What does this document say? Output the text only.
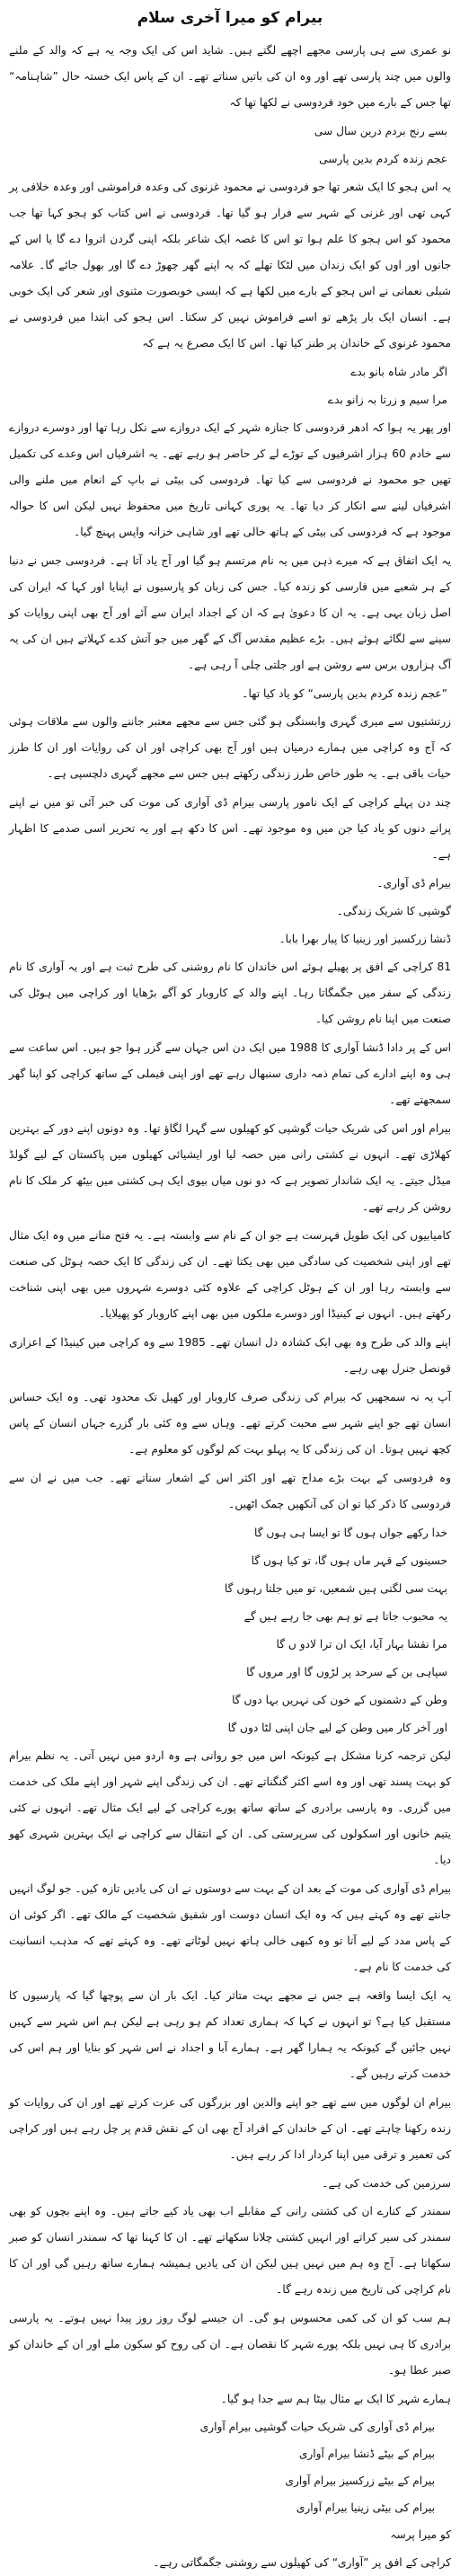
بیرام کو میرا آخری سلام
نو عمری سے ہی پارسی مجھے اچھے لگتے ہیں۔ شاید اس کی ایک وجہ یہ ہے کہ والد کے ملنے والوں میں چند پارسی تھے اور وہ ان کی باتیں سناتے تھے۔ ان کے پاس ایک خستہ حال ”شاہنامہ“ تھا جس کے بارے میں خود فردوسی نے لکھا تھا کہ
بسے رنج بردم درین سال سی
عجم زندہ کردم بدین پارسی
یہ اس ہجو کا ایک شعر تھا جو فردوسی نے محمود غزنوی کی وعدہ فراموشی اور وعدہ خلافی پر کہی تھی اور غزنی کے شہر سے فرار ہو گیا تھا۔ فردوسی نے اس کتاب کو ہجو کہا تھا جب محمود کو اس ہجو کا علم ہوا تو اس کا غصہ ایک شاعر بلکہ اپنی گردن اتروا دے گا یا اس کے جانوں اور اوں کو ایک زندان میں لٹکا تھلے کہ یہ اپنے گھر چھوڑ دے گا اور بھول جائے گا۔ علامہ شبلی نعمانی نے اس ہجو کے بارے میں لکھا ہے کہ ایسی خوبصورت مثنوی اور شعر کی ایک خوبی ہے۔ انسان ایک بار پڑھے تو اسے فراموش نہیں کر سکتا۔ اس ہجو کی ابتدا میں فردوسی نے محمود غزنوی کے خاندان پر طنز کیا تھا۔ اس کا ایک مصرع یہ ہے کہ
اگر مادر شاہ بانو بدے
مرا سیم و زرتا بہ زانو بدے
اور پھر یہ ہوا کہ ادھر فردوسی کا جنازہ شہر کے ایک دروازے سے نکل رہا تھا اور دوسرے دروازے سے خادم 60 ہزار اشرفیوں کے توڑے لے کر حاضر ہو رہے تھے۔ یہ اشرفیاں اس وعدے کی تکمیل تھیں جو محمود نے فردوسی سے کیا تھا۔ فردوسی کی بیٹی نے باپ کے انعام میں ملنے والی اشرفیاں لینے سے انکار کر دیا تھا۔ یہ پوری کہانی تاریخ میں محفوظ نہیں لیکن اس کا حوالہ موجود ہے کہ فردوسی کی بیٹی کے ہاتھ خالی تھے اور شاہی خزانہ واپس پہنچ گیا۔
یہ ایک اتفاق ہے کہ میرے ذہن میں یہ نام مرتسم ہو گیا اور آج یاد آتا ہے۔ فردوسی جس نے دنیا کے ہر شعبے میں فارسی کو زندہ کیا۔ جس کی زبان کو پارسیوں نے اپنایا اور کہا کہ ایران کی اصل زبان یہی ہے۔ یہ ان کا دعویٰ ہے کہ ان کے اجداد ایران سے آئے اور آج بھی اپنی روایات کو سینے سے لگائے ہوئے ہیں۔ بڑے عظیم مقدس آگ کے گھر میں جو آتش کدے کہلاتے ہیں ان کی یہ آگ ہزاروں برس سے روشن ہے اور جلتی چلی آ رہی ہے۔
”عجم زندہ کردم بدین پارسی“ کو یاد کیا تھا۔
زرتشتیوں سے میری گہری وابستگی ہو گئی جس سے مجھے معتبر جاننے والوں سے ملاقات ہوئی کہ آج وہ کراچی میں ہمارے درمیان ہیں اور آج بھی کراچی اور ان کی روایات اور ان کا طرز حیات باقی ہے۔ یہ طور خاص طرز زندگی رکھتے ہیں جس سے مجھے گہری دلچسپی ہے۔
چند دن پہلے کراچی کے ایک نامور پارسی بیرام ڈی آواری کی موت کی خبر آئی تو میں نے اپنے پرانے دنوں کو یاد کیا جن میں وہ موجود تھے۔ اس کا دکھ ہے اور یہ تحریر اسی صدمے کا اظہار ہے۔
بیرام ڈی آواری۔
گوشپی کا شریک زندگی۔
ڈنشا زرکسیز اور زینیا کا پیار بھرا بابا۔
81 کراچی کے افق پر پھیلے ہوئے اس خاندان کا نام روشنی کی طرح ثبت ہے اور یہ آواری کا نام زندگی کے سفر میں جگمگاتا رہا۔ اپنے والد کے کاروبار کو آگے بڑھایا اور کراچی میں ہوٹل کی صنعت میں اپنا نام روشن کیا۔
اس کے پر دادا ڈنشا آواری کا 1988 میں ایک دن اس جہان سے گزر ہوا جو ہیں۔ اس ساعت سے ہی وہ اپنے ادارے کی تمام ذمہ داری سنبھال رہے تھے اور اپنی فیملی کے ساتھ کراچی کو اپنا گھر سمجھتے تھے۔
بیرام اور اس کی شریک حیات گوشپی کو کھیلوں سے گہرا لگاؤ تھا۔ وہ دونوں اپنے دور کے بہترین کھلاڑی تھے۔ انہوں نے کشتی رانی میں حصہ لیا اور ایشیائی کھیلوں میں پاکستان کے لیے گولڈ میڈل جیتے۔ یہ ایک شاندار تصویر ہے کہ دو نوں میاں بیوی ایک ہی کشتی میں بیٹھ کر ملک کا نام روشن کر رہے تھے۔
کامیابیوں کی ایک طویل فہرست ہے جو ان کے نام سے وابستہ ہے۔ یہ فتح منانے میں وہ ایک مثال تھے اور اپنی شخصیت کی سادگی میں بھی یکتا تھے۔ ان کی زندگی کا ایک حصہ ہوٹل کی صنعت سے وابستہ رہا اور ان کے ہوٹل کراچی کے علاوہ کئی دوسرے شہروں میں بھی اپنی شناخت رکھتے ہیں۔ انہوں نے کینیڈا اور دوسرے ملکوں میں بھی اپنے کاروبار کو پھیلایا۔
اپنے والد کی طرح وہ بھی ایک کشادہ دل انسان تھے۔ 1985 سے وہ کراچی میں کینیڈا کے اعزازی قونصل جنرل بھی رہے۔
آپ یہ نہ سمجھیں کہ بیرام کی زندگی صرف کاروبار اور کھیل تک محدود تھی۔ وہ ایک حساس انسان تھے جو اپنے شہر سے محبت کرتے تھے۔ وہاں سے وہ کئی بار گزرے جہاں انسان کے پاس کچھ نہیں ہوتا۔ ان کی زندگی کا یہ پہلو بہت کم لوگوں کو معلوم ہے۔
وہ فردوسی کے بہت بڑے مداح تھے اور اکثر اس کے اشعار سناتے تھے۔ جب میں نے ان سے فردوسی کا ذکر کیا تو ان کی آنکھیں چمک اٹھیں۔
خدا رکھے جواں ہوں گا تو ایسا ہی ہوں گا
حسینوں کے قہر ماں ہوں گا، تو کیا ہوں گا
بہت سی لگتی ہیں شمعیں، تو میں جلتا رہوں گا
یہ محبوب جاتا ہے تو ہم بھی جا رہے ہیں گے
مرا نقشا بہار آیا، ایک ان ترا لادو ں گا
سپاہی بن کے سرحد پر لڑوں گا اور مروں گا
وطن کے دشمنوں کے خون کی نہریں بہا دوں گا
اور آخر کار میں وطن کے لیے جان اپنی لٹا دوں گا
لیکن ترجمہ کرنا مشکل ہے کیونکہ اس میں جو روانی ہے وہ اردو میں نہیں آتی۔ یہ نظم بیرام کو بہت پسند تھی اور وہ اسے اکثر گنگناتے تھے۔ ان کی زندگی اپنے شہر اور اپنے ملک کی خدمت میں گزری۔ وہ پارسی برادری کے ساتھ ساتھ پورے کراچی کے لیے ایک مثال تھے۔ انہوں نے کئی یتیم خانوں اور اسکولوں کی سرپرستی کی۔ ان کے انتقال سے کراچی نے ایک بہترین شہری کھو دیا۔
بیرام ڈی آواری کی موت کے بعد ان کے بہت سے دوستوں نے ان کی یادیں تازہ کیں۔ جو لوگ انہیں جانتے تھے وہ کہتے ہیں کہ وہ ایک انسان دوست اور شفیق شخصیت کے مالک تھے۔ اگر کوئی ان کے پاس مدد کے لیے آتا تو وہ کبھی خالی ہاتھ نہیں لوٹاتے تھے۔ وہ کہتے تھے کہ مذہب انسانیت کی خدمت کا نام ہے۔
یہ ایک ایسا واقعہ ہے جس نے مجھے بہت متاثر کیا۔ ایک بار ان سے پوچھا گیا کہ پارسیوں کا مستقبل کیا ہے؟ تو انہوں نے کہا کہ ہماری تعداد کم ہو رہی ہے لیکن ہم اس شہر سے کہیں نہیں جائیں گے کیونکہ یہ ہمارا گھر ہے۔ ہمارے آبا و اجداد نے اس شہر کو بنایا اور ہم اس کی خدمت کرتے رہیں گے۔
بیرام ان لوگوں میں سے تھے جو اپنے والدین اور بزرگوں کی عزت کرتے تھے اور ان کی روایات کو زندہ رکھنا چاہتے تھے۔ ان کے خاندان کے افراد آج بھی ان کے نقش قدم پر چل رہے ہیں اور کراچی کی تعمیر و ترقی میں اپنا کردار ادا کر رہے ہیں۔
سرزمین کی خدمت کی ہے۔
سمندر کے کنارے ان کی کشتی رانی کے مقابلے اب بھی یاد کیے جاتے ہیں۔ وہ اپنے بچوں کو بھی سمندر کی سیر کراتے اور انہیں کشتی چلانا سکھاتے تھے۔ ان کا کہنا تھا کہ سمندر انسان کو صبر سکھاتا ہے۔ آج وہ ہم میں نہیں ہیں لیکن ان کی یادیں ہمیشہ ہمارے ساتھ رہیں گی اور ان کا نام کراچی کی تاریخ میں زندہ رہے گا۔
ہم سب کو ان کی کمی محسوس ہو گی۔ ان جیسے لوگ روز روز پیدا نہیں ہوتے۔ یہ پارسی برادری کا ہی نہیں بلکہ پورے شہر کا نقصان ہے۔ ان کی روح کو سکون ملے اور ان کے خاندان کو صبر عطا ہو۔
ہمارے شہر کا ایک بے مثال بیٹا ہم سے جدا ہو گیا۔
بیرام ڈی آواری کی شریک حیات گوشپی بیرام آواری
بیرام کے بیٹے ڈنشا بیرام آواری
بیرام کے بیٹے زرکسیز بیرام آواری
بیرام کی بیٹی زینیا بیرام آواری
کو میرا پرسہ
کراچی کے افق پر ”آواری“ کی کھیلوں سے روشنی جگمگاتی رہے۔
